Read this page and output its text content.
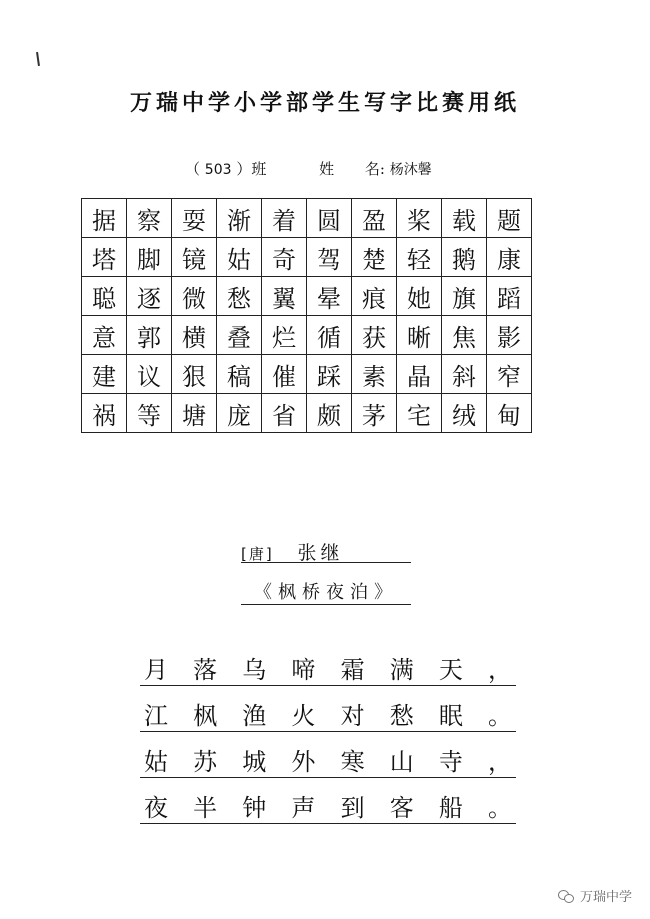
万瑞中学小学部学生写字比赛用纸
（ 503 ）班	姓 名: 杨沐馨
据	察	耍	渐	着	圆	盈	桨	载	题
塔	脚	镜	姑	奇	驾	楚	轻	鹅	康
聪	逐	微	愁	翼	晕	痕	她	旗	蹈
意	郭	横	叠	烂	循	获	晰	焦	影
建	议	狠	稿	催	踩	素	晶	斜	窄
祸	等	塘	庞	省	颇	茅	宅	绒	甸
[唐] 张继
《枫桥夜泊》
月 落 乌 啼 霜 满 天 ，
江 枫 渔 火 对 愁 眠 。
姑 苏 城 外 寒 山 寺 ，
夜 半 钟 声 到 客 船 。
万瑞中学
